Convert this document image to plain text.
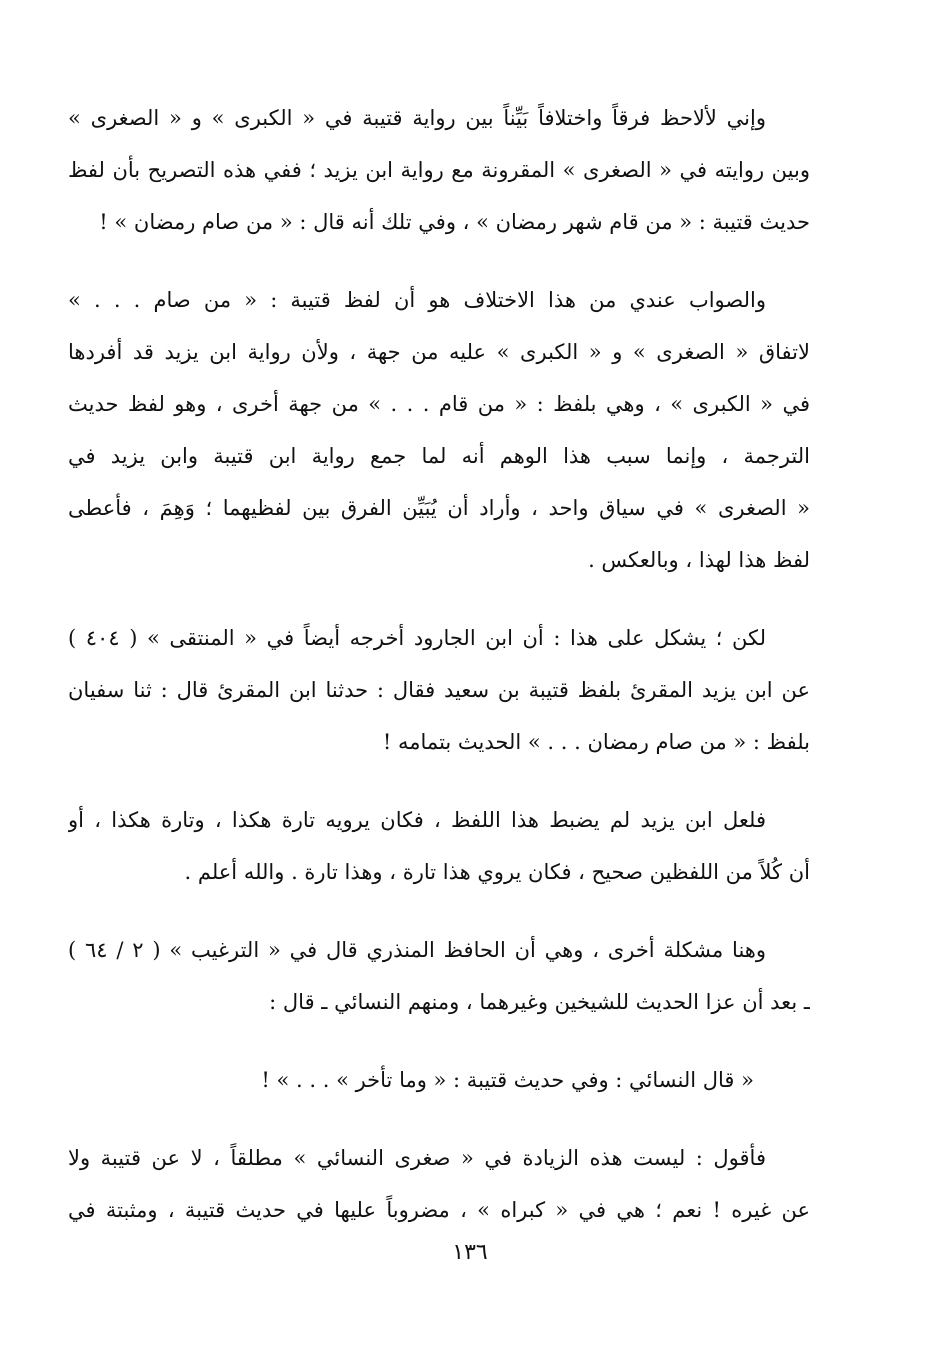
وإني لألاحظ فرقاً واختلافاً بَيِّناً بين رواية قتيبة في « الكبرى » و « الصغرى »
وبين روايته في « الصغرى » المقرونة مع رواية ابن يزيد ؛ ففي هذه التصريح بأن لفظ
حديث قتيبة : « من قام شهر رمضان » ، وفي تلك أنه قال : « من صام رمضان » !
والصواب عندي من هذا الاختلاف هو أن لفظ قتيبة : « من صام . . . »
لاتفاق « الصغرى » و « الكبرى » عليه من جهة ، ولأن رواية ابن يزيد قد أفردها
في « الكبرى » ، وهي بلفظ : « من قام . . . » من جهة أخرى ، وهو لفظ حديث
الترجمة ، وإنما سبب هذا الوهم أنه لما جمع رواية ابن قتيبة وابن يزيد في
« الصغرى » في سياق واحد ، وأراد أن يُبَيِّن الفرق بين لفظيهما ؛ وَهِمَ ، فأعطى
لفظ هذا لهذا ، وبالعكس .
لكن ؛ يشكل على هذا : أن ابن الجارود أخرجه أيضاً في « المنتقى » ( ٤٠٤ )
عن ابن يزيد المقرئ بلفظ قتيبة بن سعيد فقال : حدثنا ابن المقرئ قال : ثنا سفيان
بلفظ : « من صام رمضان . . . » الحديث بتمامه !
فلعل ابن يزيد لم يضبط هذا اللفظ ، فكان يرويه تارة هكذا ، وتارة هكذا ، أو
أن كُلاً من اللفظين صحيح ، فكان يروي هذا تارة ، وهذا تارة . والله أعلم .
وهنا مشكلة أخرى ، وهي أن الحافظ المنذري قال في « الترغيب » ( ٢ / ٦٤ )
ـ بعد أن عزا الحديث للشيخين وغيرهما ، ومنهم النسائي ـ قال :
« قال النسائي : وفي حديث قتيبة : « وما تأخر » . . . » !
فأقول : ليست هذه الزيادة في « صغرى النسائي » مطلقاً ، لا عن قتيبة ولا
عن غيره ! نعم ؛ هي في « كبراه » ، مضروباً عليها في حديث قتيبة ، ومثبتة في
١٣٦
